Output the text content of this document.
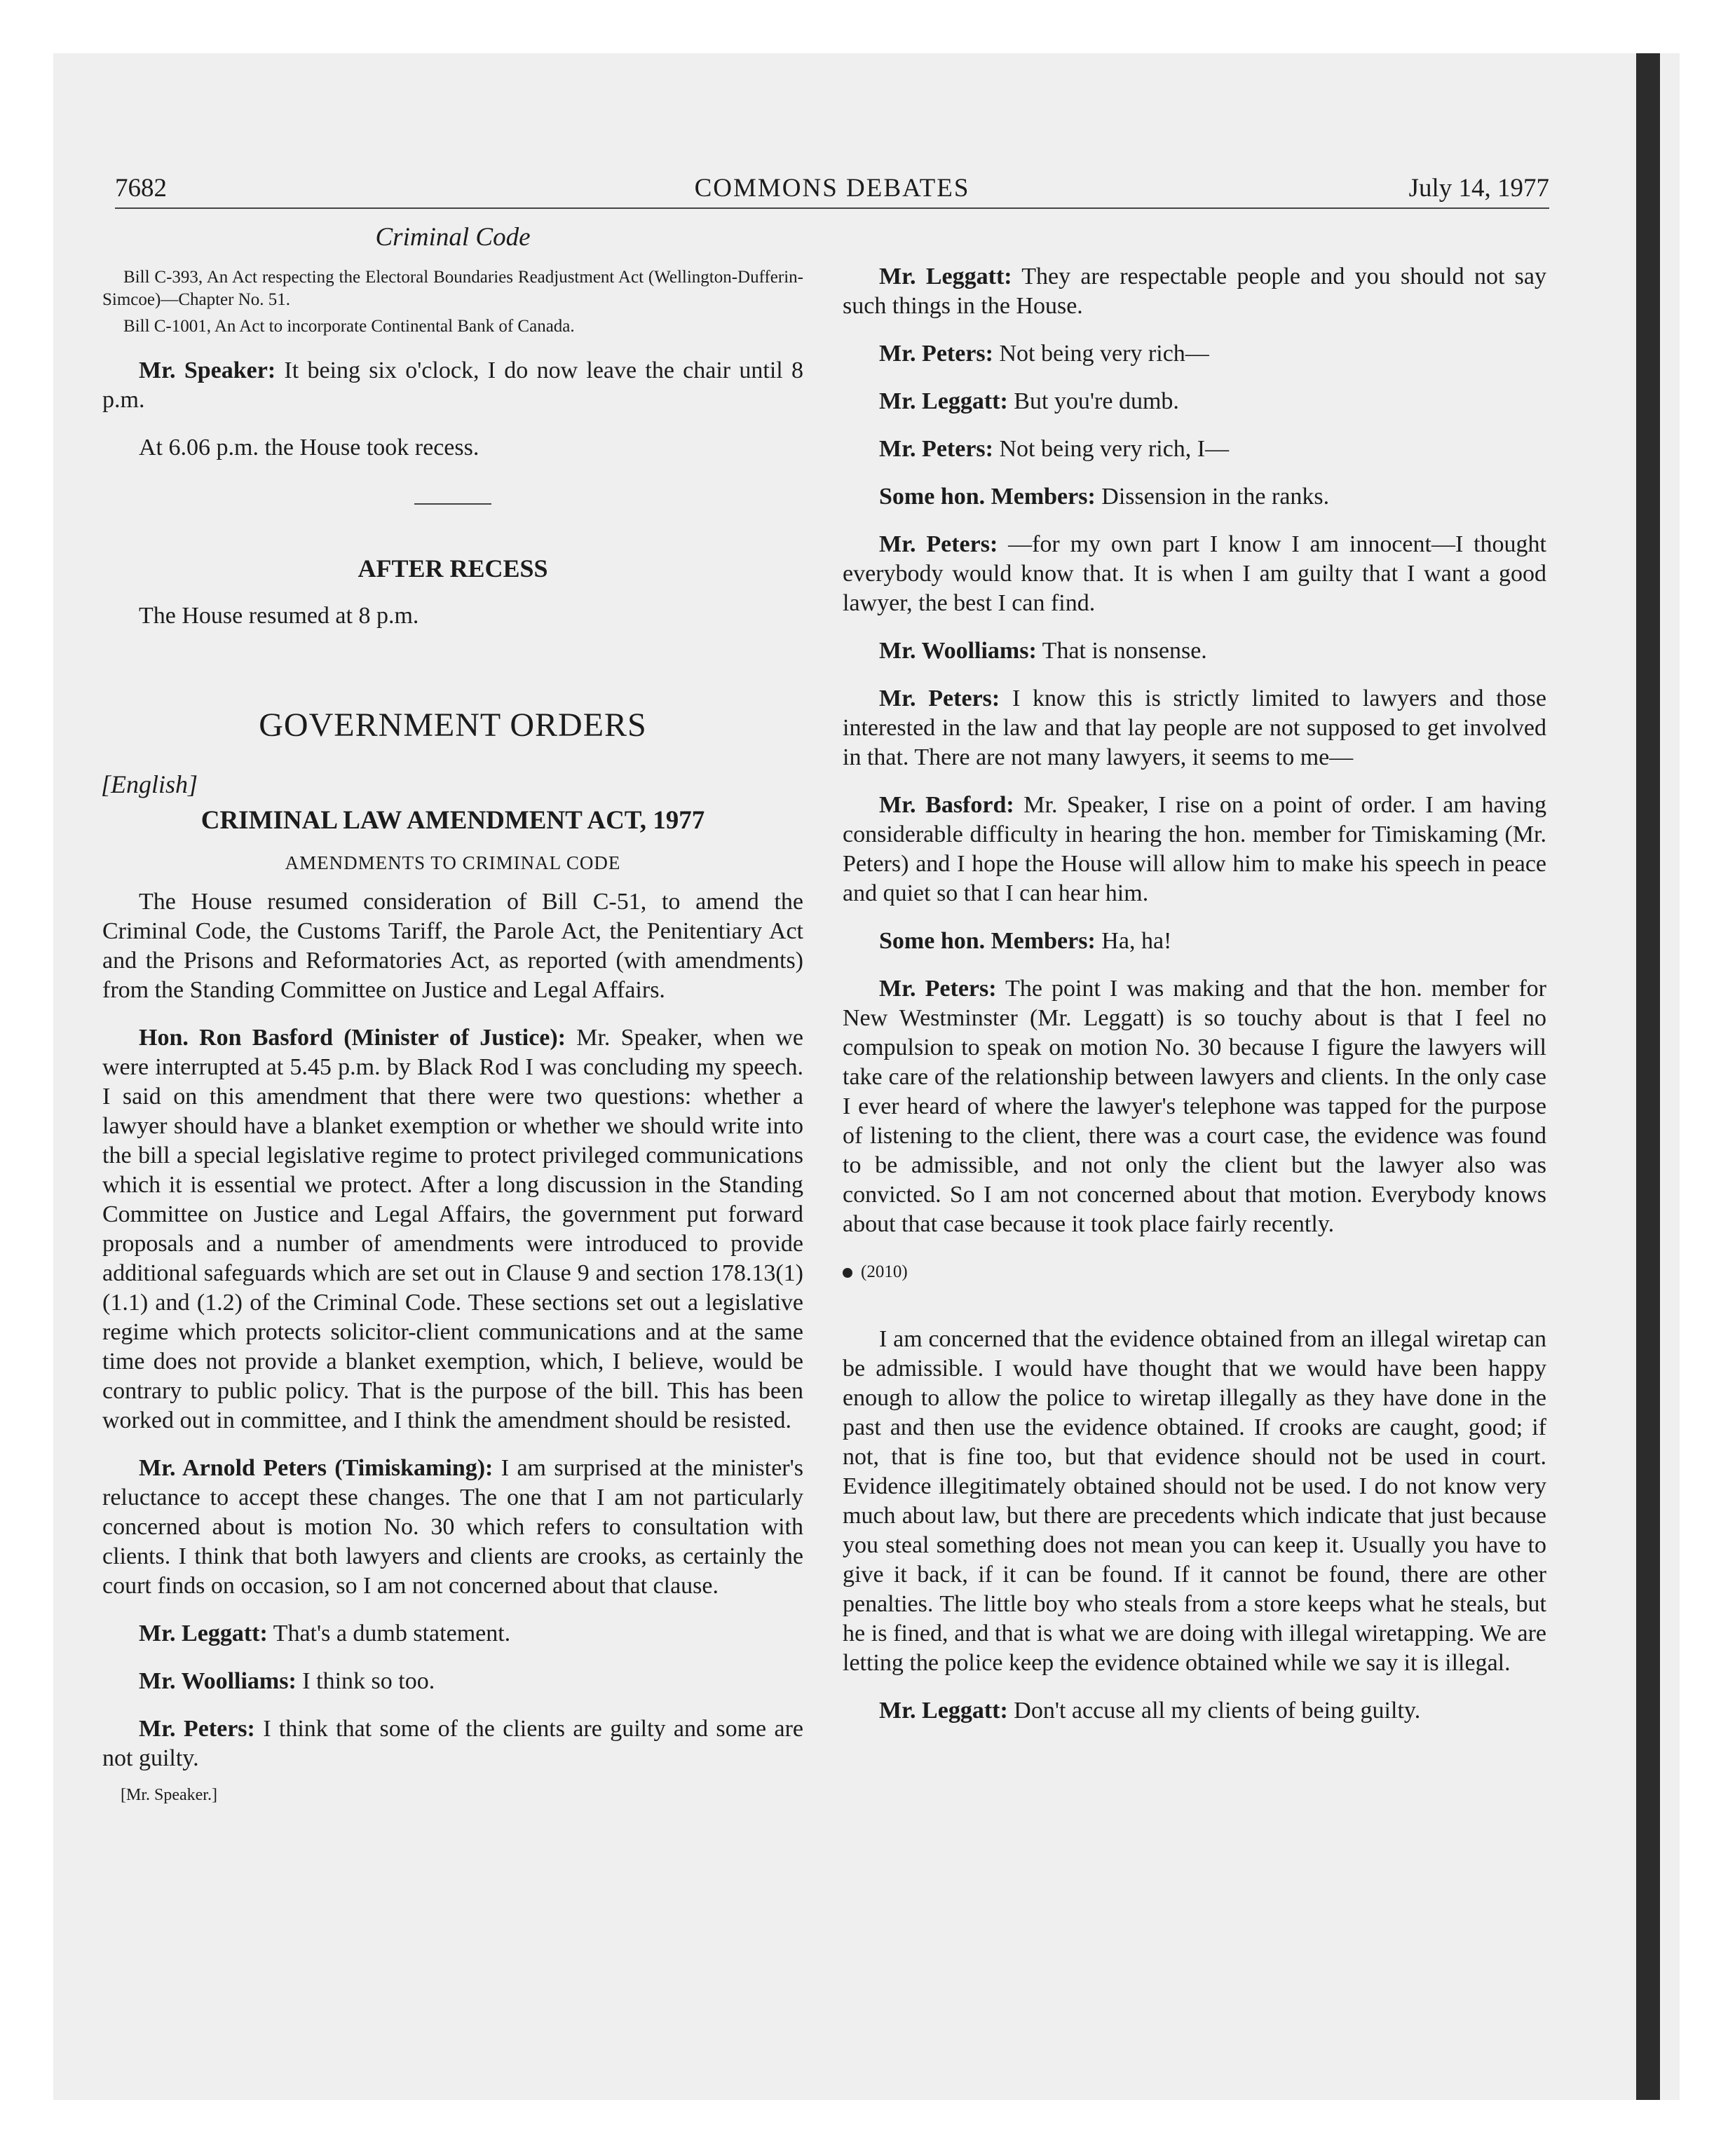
7682	COMMONS DEBATES	July 14, 1977

Criminal Code

Bill C-393, An Act respecting the Electoral Boundaries Readjustment Act (Wellington-Dufferin-Simcoe)—Chapter No. 51.

Bill C-1001, An Act to incorporate Continental Bank of Canada.

Mr. Speaker: It being six o'clock, I do now leave the chair until 8 p.m.

At 6.06 p.m. the House took recess.

AFTER RECESS

The House resumed at 8 p.m.

GOVERNMENT ORDERS

[English]

CRIMINAL LAW AMENDMENT ACT, 1977

AMENDMENTS TO CRIMINAL CODE

The House resumed consideration of Bill C-51, to amend the Criminal Code, the Customs Tariff, the Parole Act, the Penitentiary Act and the Prisons and Reformatories Act, as reported (with amendments) from the Standing Committee on Justice and Legal Affairs.

Hon. Ron Basford (Minister of Justice): Mr. Speaker, when we were interrupted at 5.45 p.m. by Black Rod I was concluding my speech. I said on this amendment that there were two questions: whether a lawyer should have a blanket exemption or whether we should write into the bill a special legislative regime to protect privileged communications which it is essential we protect. After a long discussion in the Standing Committee on Justice and Legal Affairs, the government put forward proposals and a number of amendments were introduced to provide additional safeguards which are set out in Clause 9 and section 178.13(1)(1.1) and (1.2) of the Criminal Code. These sections set out a legislative regime which protects solicitor-client communications and at the same time does not provide a blanket exemption, which, I believe, would be contrary to public policy. That is the purpose of the bill. This has been worked out in committee, and I think the amendment should be resisted.

Mr. Arnold Peters (Timiskaming): I am surprised at the minister's reluctance to accept these changes. The one that I am not particularly concerned about is motion No. 30 which refers to consultation with clients. I think that both lawyers and clients are crooks, as certainly the court finds on occasion, so I am not concerned about that clause.

Mr. Leggatt: That's a dumb statement.

Mr. Woolliams: I think so too.

Mr. Peters: I think that some of the clients are guilty and some are not guilty.

[Mr. Speaker.]

Mr. Leggatt: They are respectable people and you should not say such things in the House.

Mr. Peters: Not being very rich—

Mr. Leggatt: But you're dumb.

Mr. Peters: Not being very rich, I—

Some hon. Members: Dissension in the ranks.

Mr. Peters: —for my own part I know I am innocent—I thought everybody would know that. It is when I am guilty that I want a good lawyer, the best I can find.

Mr. Woolliams: That is nonsense.

Mr. Peters: I know this is strictly limited to lawyers and those interested in the law and that lay people are not supposed to get involved in that. There are not many lawyers, it seems to me—

Mr. Basford: Mr. Speaker, I rise on a point of order. I am having considerable difficulty in hearing the hon. member for Timiskaming (Mr. Peters) and I hope the House will allow him to make his speech in peace and quiet so that I can hear him.

Some hon. Members: Ha, ha!

Mr. Peters: The point I was making and that the hon. member for New Westminster (Mr. Leggatt) is so touchy about is that I feel no compulsion to speak on motion No. 30 because I figure the lawyers will take care of the relationship between lawyers and clients. In the only case I ever heard of where the lawyer's telephone was tapped for the purpose of listening to the client, there was a court case, the evidence was found to be admissible, and not only the client but the lawyer also was convicted. So I am not concerned about that motion. Everybody knows about that case because it took place fairly recently.

(2010)

I am concerned that the evidence obtained from an illegal wiretap can be admissible. I would have thought that we would have been happy enough to allow the police to wiretap illegally as they have done in the past and then use the evidence obtained. If crooks are caught, good; if not, that is fine too, but that evidence should not be used in court. Evidence illegitimately obtained should not be used. I do not know very much about law, but there are precedents which indicate that just because you steal something does not mean you can keep it. Usually you have to give it back, if it can be found. If it cannot be found, there are other penalties. The little boy who steals from a store keeps what he steals, but he is fined, and that is what we are doing with illegal wiretapping. We are letting the police keep the evidence obtained while we say it is illegal.

Mr. Leggatt: Don't accuse all my clients of being guilty.
